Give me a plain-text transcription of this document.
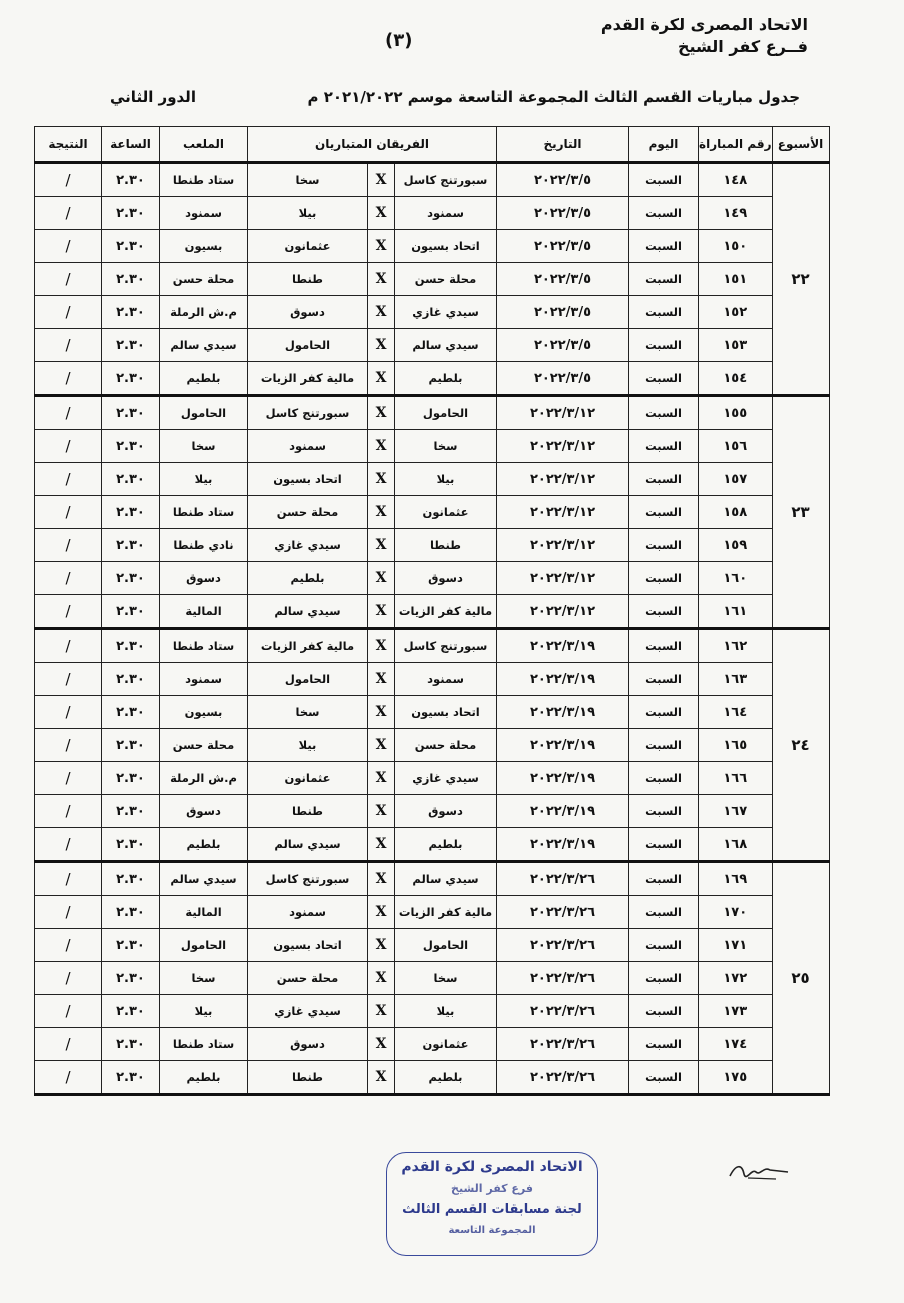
الاتحاد المصرى لكرة القدم
فــرع كفر الشيخ
(٣)
جدول مباريات القسم الثالث المجموعة التاسعة موسم ٢٠٢١/٢٠٢٢ م
الدور الثاني
الأسبوع	رقم المباراة	اليوم	التاريخ	الفريقان المتباريان			الملعب	الساعة	النتيجة
٢٢	١٤٨	السبت	٢٠٢٢/٣/٥	سبورتنج كاسل	X	سخا	ستاد طنطا	٢.٣٠	/
	١٤٩	السبت	٢٠٢٢/٣/٥	سمنود	X	بيلا	سمنود	٢.٣٠	/
	١٥٠	السبت	٢٠٢٢/٣/٥	اتحاد بسيون	X	عثمانون	بسيون	٢.٣٠	/
	١٥١	السبت	٢٠٢٢/٣/٥	محلة حسن	X	طنطا	محلة حسن	٢.٣٠	/
	١٥٢	السبت	٢٠٢٢/٣/٥	سيدي غازي	X	دسوق	م.ش الرملة	٢.٣٠	/
	١٥٣	السبت	٢٠٢٢/٣/٥	سيدي سالم	X	الحامول	سيدي سالم	٢.٣٠	/
	١٥٤	السبت	٢٠٢٢/٣/٥	بلطيم	X	مالية كفر الزيات	بلطيم	٢.٣٠	/
٢٣	١٥٥	السبت	٢٠٢٢/٣/١٢	الحامول	X	سبورتنج كاسل	الحامول	٢.٣٠	/
	١٥٦	السبت	٢٠٢٢/٣/١٢	سخا	X	سمنود	سخا	٢.٣٠	/
	١٥٧	السبت	٢٠٢٢/٣/١٢	بيلا	X	اتحاد بسيون	بيلا	٢.٣٠	/
	١٥٨	السبت	٢٠٢٢/٣/١٢	عثمانون	X	محلة حسن	ستاد طنطا	٢.٣٠	/
	١٥٩	السبت	٢٠٢٢/٣/١٢	طنطا	X	سيدي غازي	نادي طنطا	٢.٣٠	/
	١٦٠	السبت	٢٠٢٢/٣/١٢	دسوق	X	بلطيم	دسوق	٢.٣٠	/
	١٦١	السبت	٢٠٢٢/٣/١٢	مالية كفر الزيات	X	سيدي سالم	المالية	٢.٣٠	/
٢٤	١٦٢	السبت	٢٠٢٢/٣/١٩	سبورتنج كاسل	X	مالية كفر الزيات	ستاد طنطا	٢.٣٠	/
	١٦٣	السبت	٢٠٢٢/٣/١٩	سمنود	X	الحامول	سمنود	٢.٣٠	/
	١٦٤	السبت	٢٠٢٢/٣/١٩	اتحاد بسيون	X	سخا	بسيون	٢.٣٠	/
	١٦٥	السبت	٢٠٢٢/٣/١٩	محلة حسن	X	بيلا	محلة حسن	٢.٣٠	/
	١٦٦	السبت	٢٠٢٢/٣/١٩	سيدي غازي	X	عثمانون	م.ش الرملة	٢.٣٠	/
	١٦٧	السبت	٢٠٢٢/٣/١٩	دسوق	X	طنطا	دسوق	٢.٣٠	/
	١٦٨	السبت	٢٠٢٢/٣/١٩	بلطيم	X	سيدي سالم	بلطيم	٢.٣٠	/
٢٥	١٦٩	السبت	٢٠٢٢/٣/٢٦	سيدي سالم	X	سبورتنج كاسل	سيدي سالم	٢.٣٠	/
	١٧٠	السبت	٢٠٢٢/٣/٢٦	مالية كفر الزيات	X	سمنود	المالية	٢.٣٠	/
	١٧١	السبت	٢٠٢٢/٣/٢٦	الحامول	X	اتحاد بسيون	الحامول	٢.٣٠	/
	١٧٢	السبت	٢٠٢٢/٣/٢٦	سخا	X	محلة حسن	سخا	٢.٣٠	/
	١٧٣	السبت	٢٠٢٢/٣/٢٦	بيلا	X	سيدي غازي	بيلا	٢.٣٠	/
	١٧٤	السبت	٢٠٢٢/٣/٢٦	عثمانون	X	دسوق	ستاد طنطا	٢.٣٠	/
	١٧٥	السبت	٢٠٢٢/٣/٢٦	بلطيم	X	طنطا	بلطيم	٢.٣٠	/
الاتحاد المصرى لكرة القدم
فرع كفر الشيخ
لجنة مسابقات القسم الثالث
المجموعة التاسعة
